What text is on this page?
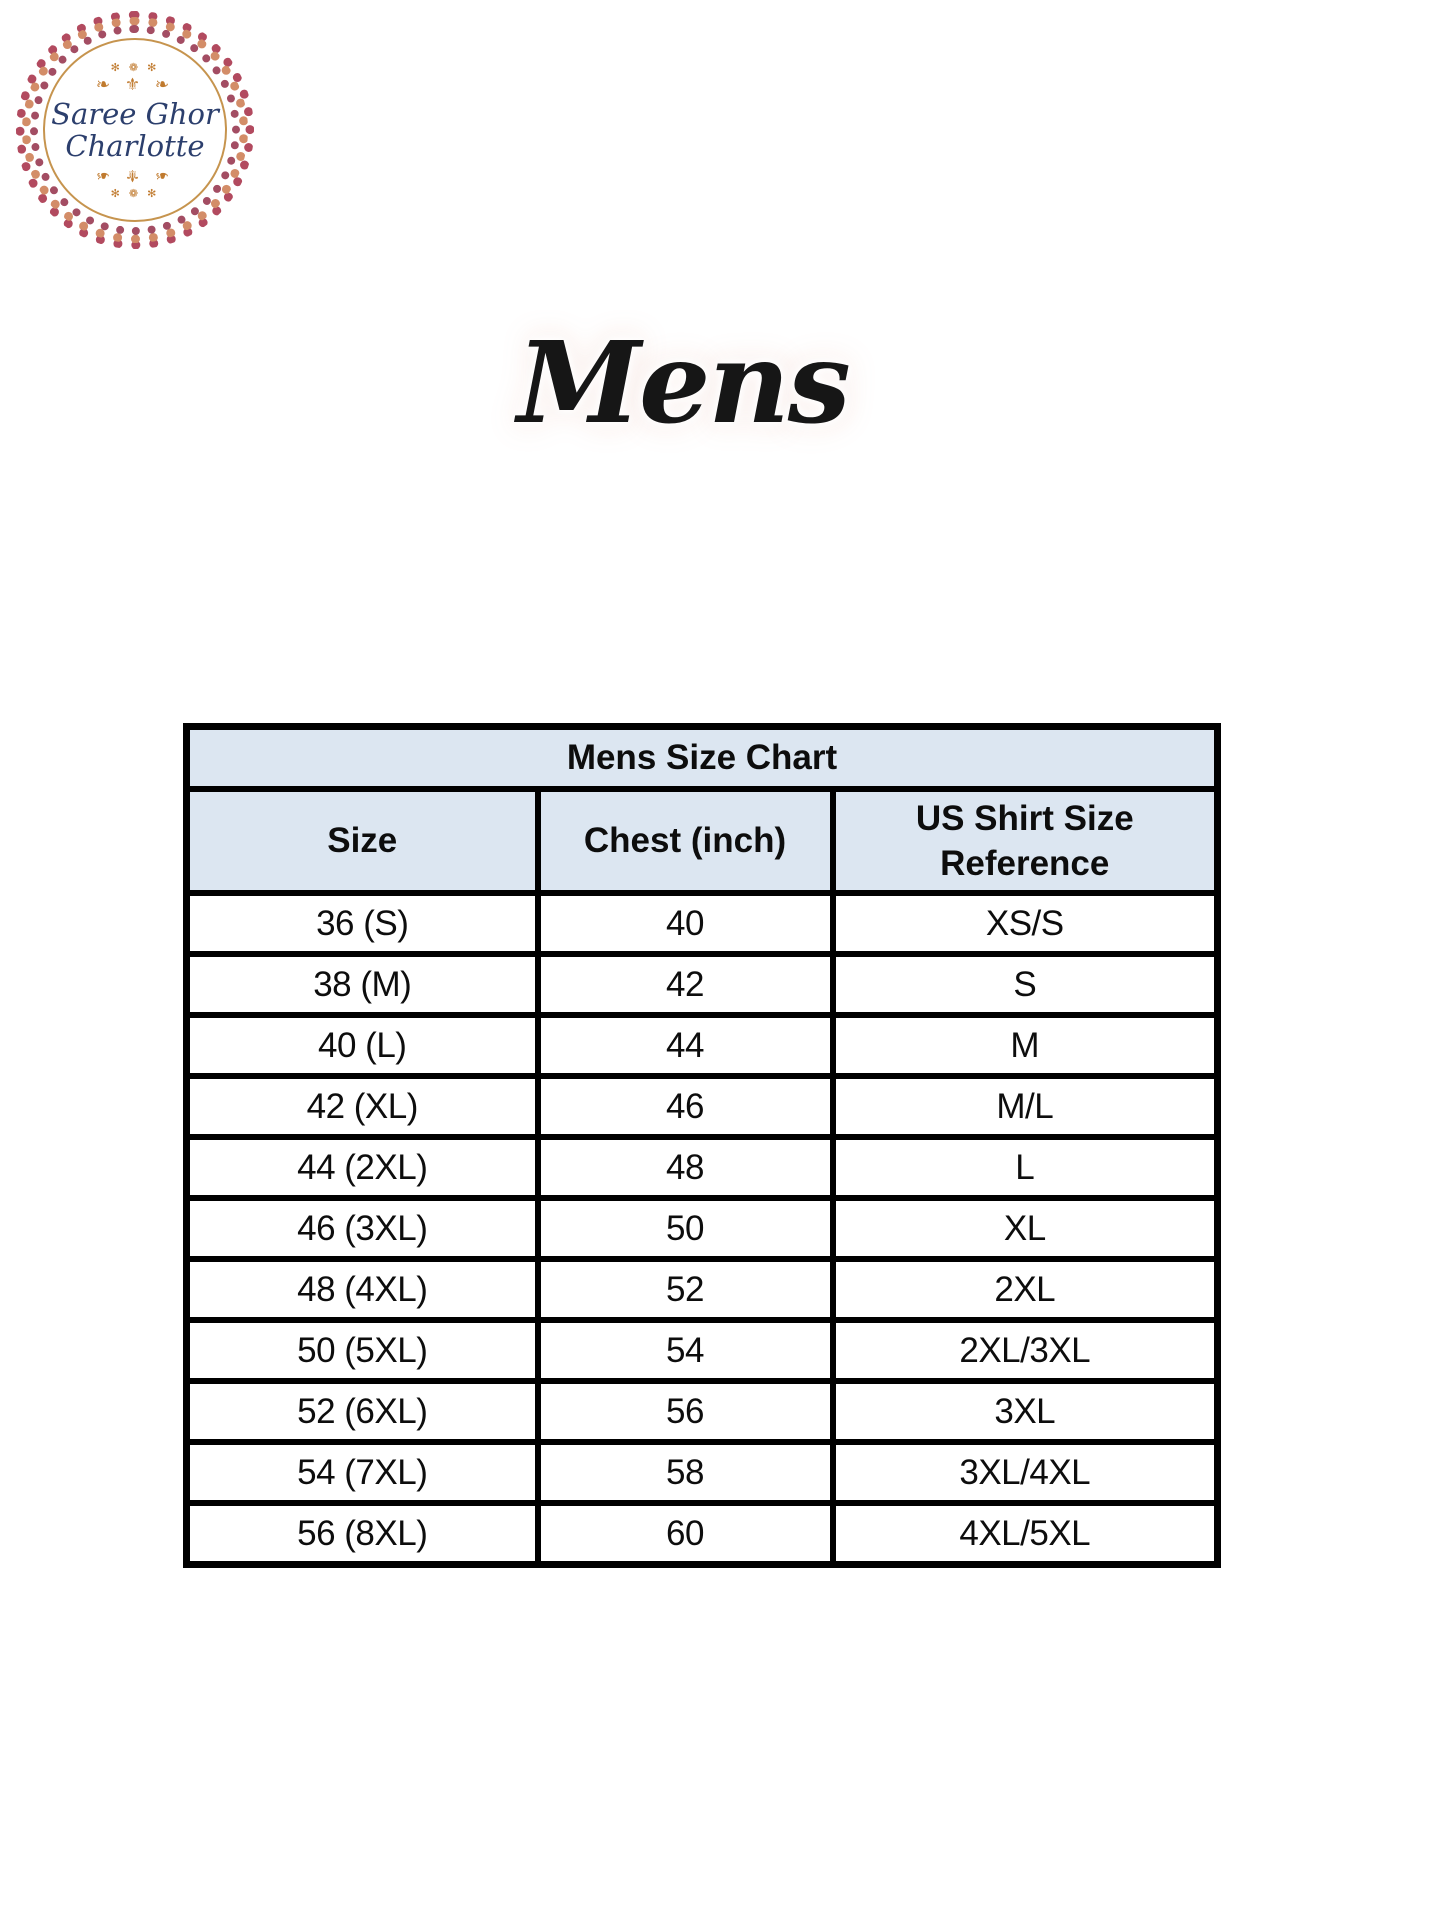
✻ ❁ ✻
❧ ⚜ ❧
Saree Ghor
Charlotte
❧ ⚜ ❧
✻ ❁ ✻
Mens
Mens Size Chart		
Size	Chest (inch)	US Shirt Size Reference
36 (S)	40	XS/S
38 (M)	42	S
40 (L)	44	M
42 (XL)	46	M/L
44 (2XL)	48	L
46 (3XL)	50	XL
48 (4XL)	52	2XL
50 (5XL)	54	2XL/3XL
52 (6XL)	56	3XL
54 (7XL)	58	3XL/4XL
56 (8XL)	60	4XL/5XL
